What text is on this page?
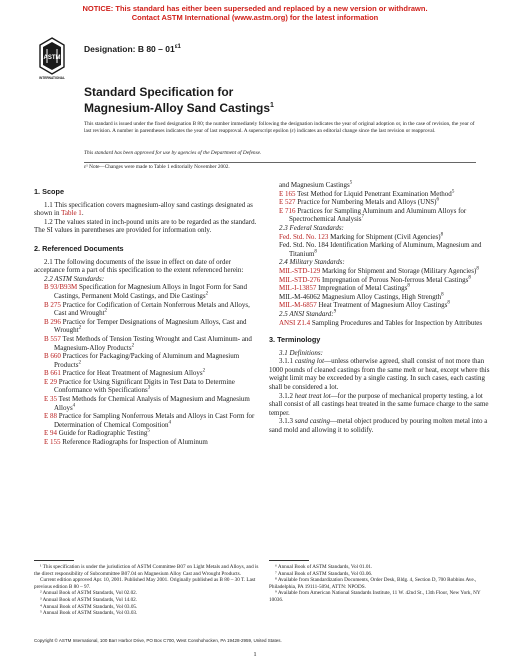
NOTICE: This standard has either been superseded and replaced by a new version or withdrawn.
Contact ASTM International (www.astm.org) for the latest information
ASTM
INTERNATIONAL
Designation: B $80 - 01^{\varepsilon 1}$
Standard Specification for
Magnesium-Alloy Sand Castings$^1$
This standard is issued under the fixed designation B 80; the number immediately following the designation indicates the year of original adoption or, in the case of revision, the year of last revision. A number in parentheses indicates the year of last reapproval. A superscript epsilon (ε) indicates an editorial change since the last revision or reapproval.
This standard has been approved for use by agencies of the Department of Defense.
ε¹ Note—Changes were made to Table 1 editorially November 2002.

1. Scope

1.1 This specification covers magnesium-alloy sand castings designated as shown in Table 1.

1.2 The values stated in inch-pound units are to be regarded as the standard. The SI values in parentheses are provided for information only.

2. Referenced Documents

2.1 The following documents of the issue in effect on date of order acceptance form a part of this specification to the extent referenced herein:

2.2 ASTM Standards:

B 93/B93M Specification for Magnesium Alloys in Ingot Form for Sand Castings, Permanent Mold Castings, and Die Castings$^2$

B 275 Practice for Codification of Certain Nonferrous Metals and Alloys, Cast and Wrought$^2$

B 296 Practice for Temper Designations of Magnesium Alloys, Cast and Wrought$^2$

B 557 Test Methods of Tension Testing Wrought and Cast Aluminum- and Magnesium-Alloy Products$^2$

B 660 Practices for Packaging/Packing of Aluminum and Magnesium Products$^2$

B 661 Practice for Heat Treatment of Magnesium Alloys$^2$

E 29 Practice for Using Significant Digits in Test Data to Determine Conformance with Specifications$^3$

E 35 Test Methods for Chemical Analysis of Magnesium and Magnesium Alloys$^4$

E 88 Practice for Sampling Nonferrous Metals and Alloys in Cast Form for Determination of Chemical Composition$^4$

E 94 Guide for Radiographic Testing$^5$

E 155 Reference Radiographs for Inspection of Aluminum

and Magnesium Castings$^5$

E 165 Test Method for Liquid Penetrant Examination Method$^5$

E 527 Practice for Numbering Metals and Alloys (UNS)$^6$

E 716 Practices for Sampling Aluminum and Aluminum Alloys for Spectrochemical Analysis$^7$

2.3 Federal Standards:

Fed. Std. No. 123 Marking for Shipment (Civil Agencies)$^8$

Fed. Std. No. 184 Identification Marking of Aluminum, Magnesium and Titanium$^8$

2.4 Military Standards:

MIL-STD-129 Marking for Shipment and Storage (Military Agencies)$^8$

MIL-STD-276 Impregnation of Porous Non-ferrous Metal Castings$^8$

MIL-I-13857 Impregnation of Metal Castings$^8$

MIL-M-46062 Magnesium Alloy Castings, High Strength$^8$

MIL-M-6857 Heat Treatment of Magnesium Alloy Castings$^8$

2.5 ANSI Standard:$^9$

ANSI Z1.4 Sampling Procedures and Tables for Inspection by Attributes

3. Terminology

3.1 Definitions:

3.1.1 casting lot—unless otherwise agreed, shall consist of not more than 1000 pounds of cleaned castings from the same melt or heat, except where this weight limit may be exceeded by a single casting. In such cases, each casting shall be considered a lot.

3.1.2 heat treat lot—for the purpose of mechanical property testing, a lot shall consist of all castings heat treated in the same furnace charge to the same temper.

3.1.3 sand casting—metal object produced by pouring molten metal into a sand mold and allowing it to solidify.

¹ This specification is under the jurisdiction of ASTM Committee B07 on Light Metals and Alloys, and is the direct responsibility of Subcommittee B07.04 on Magnesium Alloy Cast and Wrought Products.

Current edition approved Apr. 10, 2001. Published May 2001. Originally published as B 80 – 30 T. Last previous edition B 80 – 97.

² Annual Book of ASTM Standards, Vol 02.02.

³ Annual Book of ASTM Standards, Vol 14.02.

⁴ Annual Book of ASTM Standards, Vol 03.05.

⁵ Annual Book of ASTM Standards, Vol 03.03.

⁶ Annual Book of ASTM Standards, Vol 01.01.

⁷ Annual Book of ASTM Standards, Vol 03.06.

⁸ Available from Standardization Documents, Order Desk, Bldg. 4, Section D, 700 Robbins Ave., Philadelphia, PA 19111-5094, ATTN: NPODS.

⁹ Available from American National Standards Institute, 11 W. 42nd St., 13th Floor, New York, NY 10036.

Copyright © ASTM International, 100 Barr Harbor Drive, PO Box C700, West Conshohocken, PA 19428-2959, United States.
1
